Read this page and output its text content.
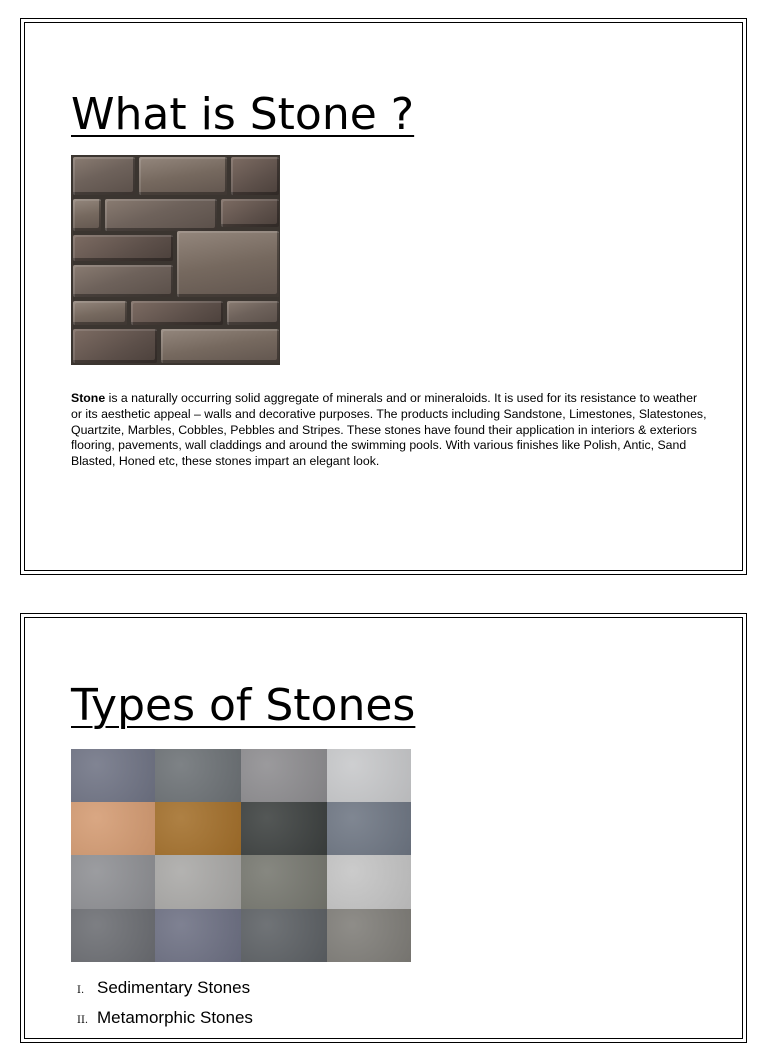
What is Stone ?

Stone is a naturally occurring solid aggregate of minerals and or mineraloids. It is used for its resistance to weather or its aesthetic appeal – walls and decorative purposes. The products including Sandstone, Limestones, Slatestones, Quartzite, Marbles, Cobbles, Pebbles and Stripes. These stones have found their application in interiors & exteriors flooring, pavements, wall claddings and around the swimming pools. With various finishes like Polish, Antic, Sand Blasted, Honed etc, these stones impart an elegant look.

Types of Stones
I. Sedimentary Stones
II. Metamorphic Stones
